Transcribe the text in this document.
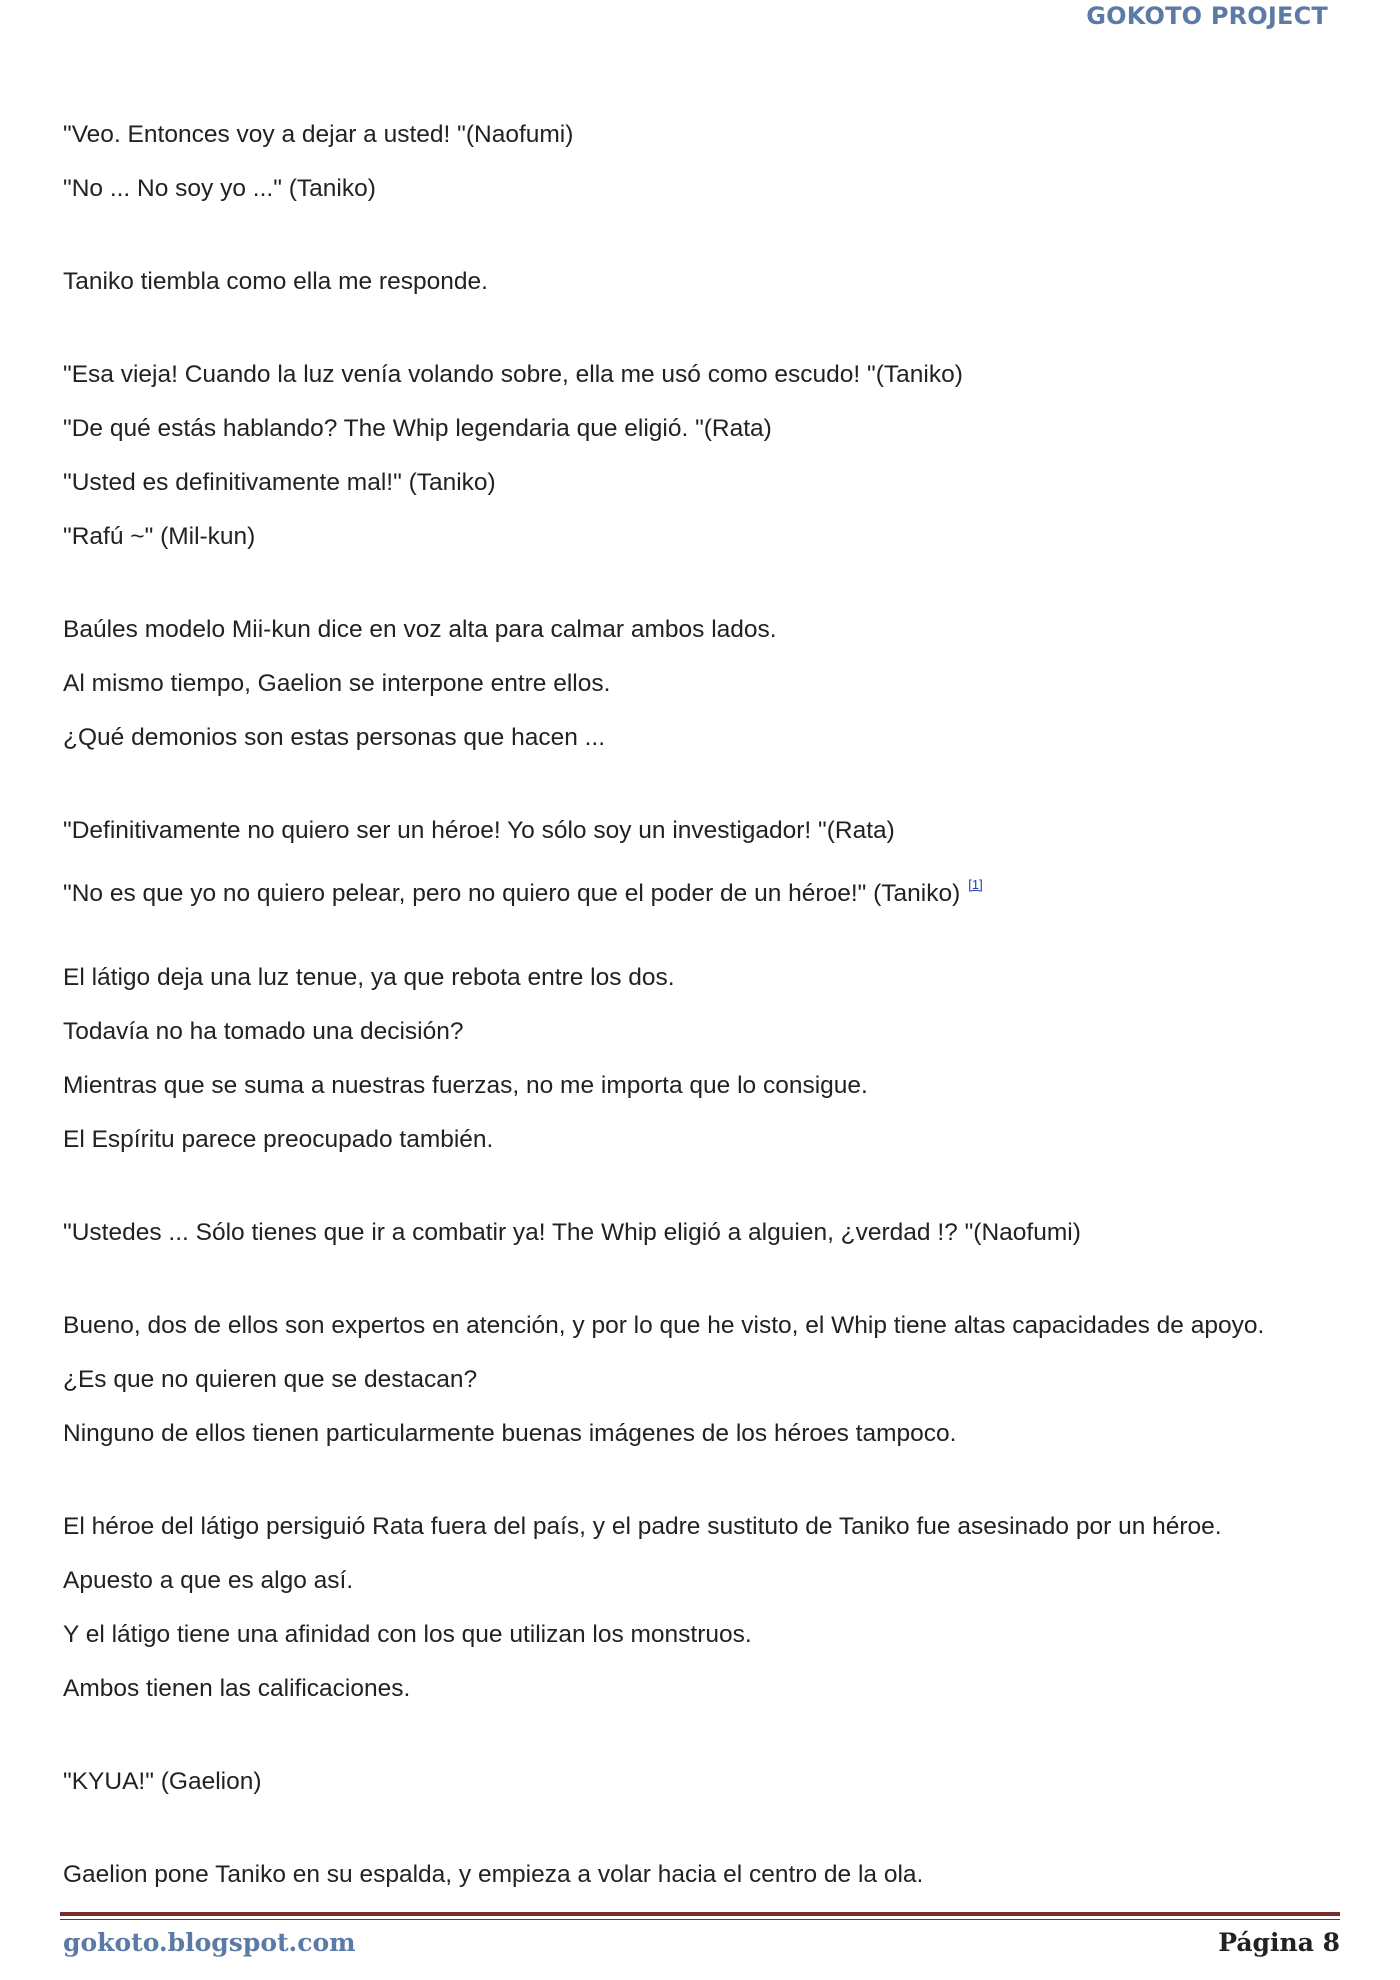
GOKOTO PROJECT
"Veo. Entonces voy a dejar a usted! "(Naofumi)
"No ... No soy yo ..." (Taniko)
Taniko tiembla como ella me responde.
"Esa vieja! Cuando la luz venía volando sobre, ella me usó como escudo! "(Taniko)
"De qué estás hablando? The Whip legendaria que eligió. "(Rata)
"Usted es definitivamente mal!" (Taniko)
"Rafú ~" (Mil-kun)
Baúles modelo Mii-kun dice en voz alta para calmar ambos lados.
Al mismo tiempo, Gaelion se interpone entre ellos.
¿Qué demonios son estas personas que hacen ...
"Definitivamente no quiero ser un héroe! Yo sólo soy un investigador! "(Rata)
"No es que yo no quiero pelear, pero no quiero que el poder de un héroe!" (Taniko) [1]
El látigo deja una luz tenue, ya que rebota entre los dos.
Todavía no ha tomado una decisión?
Mientras que se suma a nuestras fuerzas, no me importa que lo consigue.
El Espíritu parece preocupado también.
"Ustedes ... Sólo tienes que ir a combatir ya! The Whip eligió a alguien, ¿verdad !? "(Naofumi)
Bueno, dos de ellos son expertos en atención, y por lo que he visto, el Whip tiene altas capacidades de apoyo.
¿Es que no quieren que se destacan?
Ninguno de ellos tienen particularmente buenas imágenes de los héroes tampoco.
El héroe del látigo persiguió Rata fuera del país, y el padre sustituto de Taniko fue asesinado por un héroe.
Apuesto a que es algo así.
Y el látigo tiene una afinidad con los que utilizan los monstruos.
Ambos tienen las calificaciones.
"KYUA!" (Gaelion)
Gaelion pone Taniko en su espalda, y empieza a volar hacia el centro de la ola.
gokoto.blogspot.com	Página 8
